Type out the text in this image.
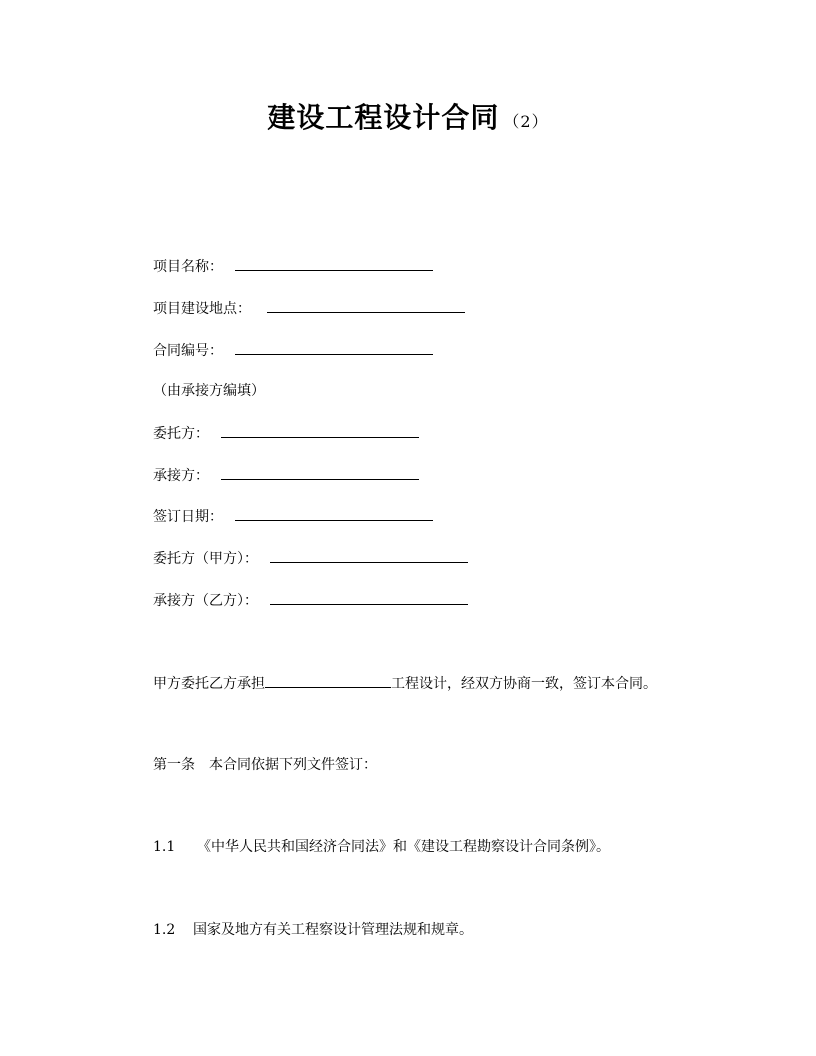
建设工程设计合同 （2）
项目名称：
项目建设地点：
合同编号：
（由承接方编填）
委托方：
承接方：
签订日期：
委托方（甲方）：
承接方（乙方）：
甲方委托乙方承担	工程设计，经双方协商一致，签订本合同。
第一条　本合同依据下列文件签订：
1.1 《中华人民共和国经济合同法》和《建设工程勘察设计合同条例》。
1.2 国家及地方有关工程察设计管理法规和规章。
